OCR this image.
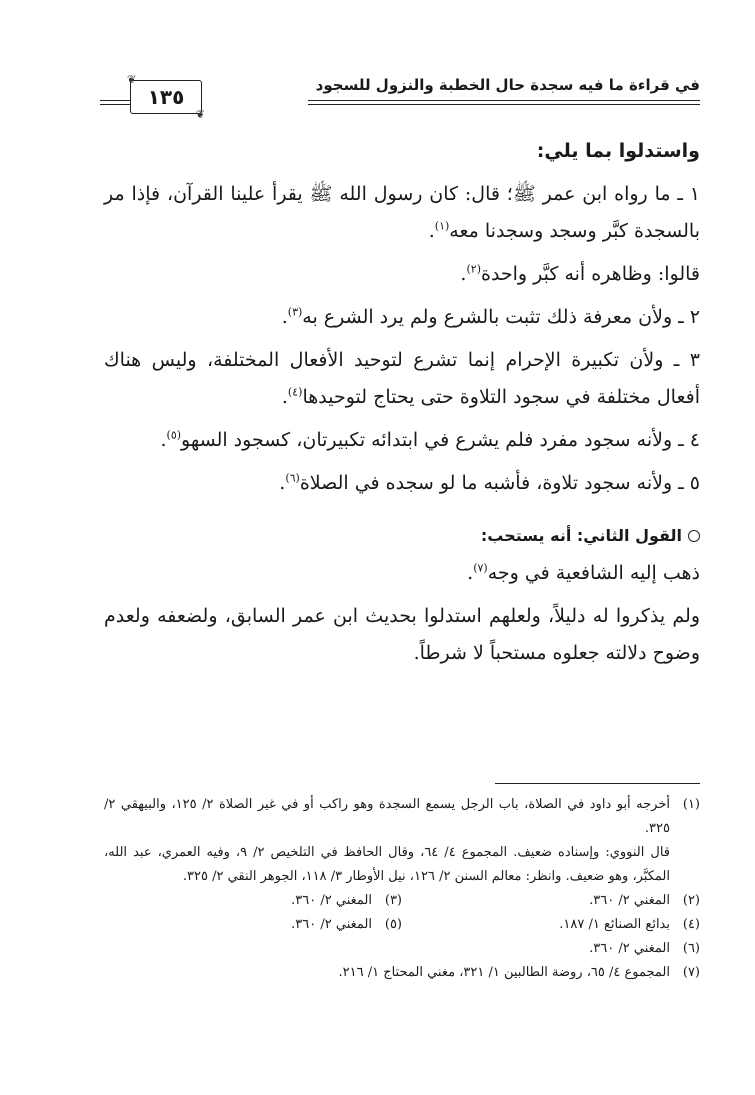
في قراءة ما فيه سجدة حال الخطبة والنزول للسجود
❦
١٣٥
❦
واستدلوا بما يلي:

١ ـ ما رواه ابن عمر ﷺ؛ قال: كان رسول الله ﷺ يقرأ علينا القرآن، فإذا مر بالسجدة كبَّر وسجد وسجدنا معه$^{(١)}$.

قالوا: وظاهره أنه كبَّر واحدة$^{(٢)}$.

٢ ـ ولأن معرفة ذلك تثبت بالشرع ولم يرد الشرع به$^{(٣)}$.

٣ ـ ولأن تكبيرة الإحرام إنما تشرع لتوحيد الأفعال المختلفة، وليس هناك أفعال مختلفة في سجود التلاوة حتى يحتاج لتوحيدها$^{(٤)}$.

٤ ـ ولأنه سجود مفرد فلم يشرع في ابتدائه تكبيرتان، كسجود السهو$^{(٥)}$.

٥ ـ ولأنه سجود تلاوة، فأشبه ما لو سجده في الصلاة$^{(٦)}$.

القول الثاني: أنه يستحب:

ذهب إليه الشافعية في وجه$^{(٧)}$.

ولم يذكروا له دليلاً، ولعلهم استدلوا بحديث ابن عمر السابق، ولضعفه ولعدم وضوح دلالته جعلوه مستحباً لا شرطاً.

(١)
أخرجه أبو داود في الصلاة، باب الرجل يسمع السجدة وهو راكب أو في غير الصلاة ٢/ ١٢٥، والبيهقي ٢/ ٣٢٥.
قال النووي: وإسناده ضعيف. المجموع ٤/ ٦٤، وقال الحافظ في التلخيص ٢/ ٩، وفيه العمري، عبد الله، المكبَّر، وهو ضعيف. وانظر: معالم السنن ٢/ ١٢٦، نيل الأوطار ٣/ ١١٨، الجوهر النقي ٢/ ٣٢٥.
(٢)
المغني ٢/ ٣٦٠.
(٣)
المغني ٢/ ٣٦٠.
(٤)
بدائع الصنائع ١/ ١٨٧.
(٥)
المغني ٢/ ٣٦٠.
(٦)
المغني ٢/ ٣٦٠.
(٧)
المجموع ٤/ ٦٥، روضة الطالبين ١/ ٣٢١، مغني المحتاج ١/ ٢١٦.
